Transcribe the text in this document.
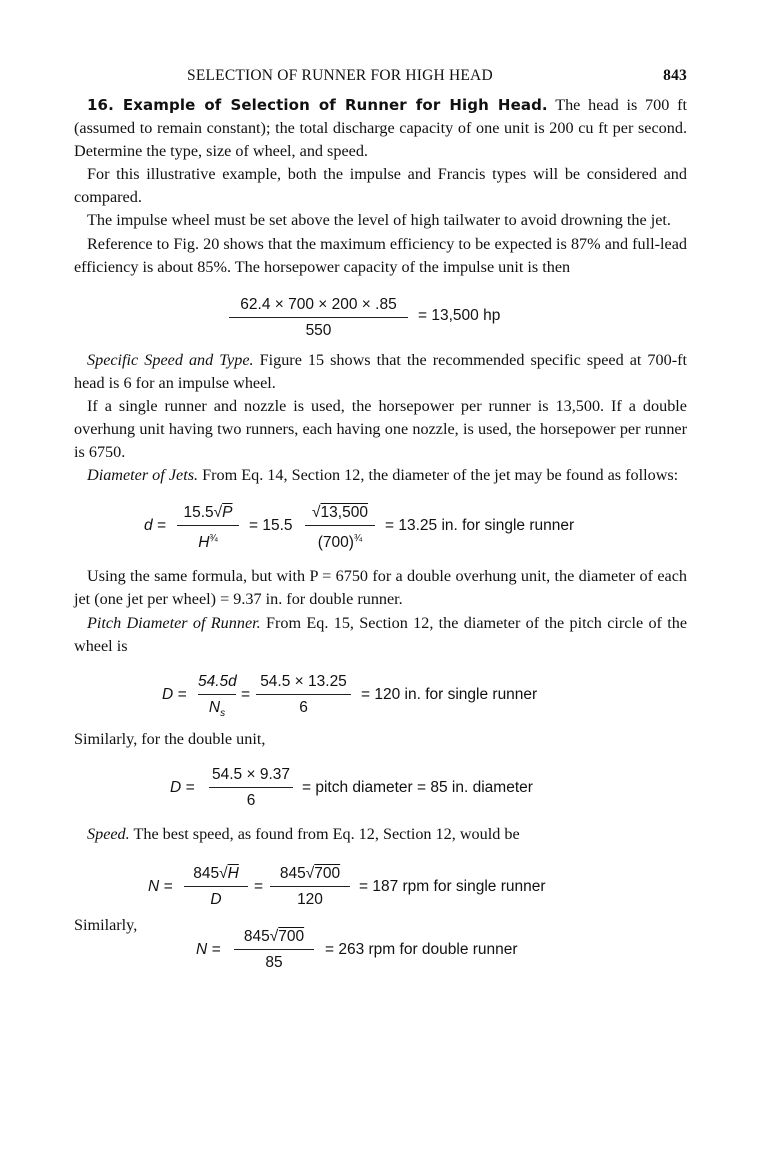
SELECTION OF RUNNER FOR HIGH HEAD	843

16. Example of Selection of Runner for High Head. The head is 700 ft (assumed to remain constant); the total discharge capacity of one unit is 200 cu ft per second. Determine the type, size of wheel, and speed.

For this illustrative example, both the impulse and Francis types will be considered and compared.

The impulse wheel must be set above the level of high tailwater to avoid drowning the jet.

Reference to Fig. 20 shows that the maximum efficiency to be expected is 87% and full-lead efficiency is about 85%. The horsepower capacity of the impulse unit is then

62.4 × 700 × 200 × .85
550
= 13,500 hp

Specific Speed and Type. Figure 15 shows that the recommended specific speed at 700-ft head is 6 for an impulse wheel.

If a single runner and nozzle is used, the horsepower per runner is 13,500. If a double overhung unit having two runners, each having one nozzle, is used, the horsepower per runner is 6750.

Diameter of Jets. From Eq. 14, Section 12, the diameter of the jet may be found as follows:

d =
15.5√P
$H^{\frac{3}{4}}$
= 15.5
√13,500
$(700)^{\frac{3}{4}}$
= 13.25 in. for single runner

Using the same formula, but with P = 6750 for a double overhung unit, the diameter of each jet (one jet per wheel) = 9.37 in. for double runner.

Pitch Diameter of Runner. From Eq. 15, Section 12, the diameter of the pitch circle of the wheel is

D =
54.5d
$N_s$
=
54.5 × 13.25
6
= 120 in. for single runner

Similarly, for the double unit,

D =
54.5 × 9.37
6
= pitch diameter = 85 in. diameter

Speed. The best speed, as found from Eq. 12, Section 12, would be

N =
845√H
D
=
845√700
120
= 187 rpm for single runner

Similarly,

N =
845√700
85
= 263 rpm for double runner
